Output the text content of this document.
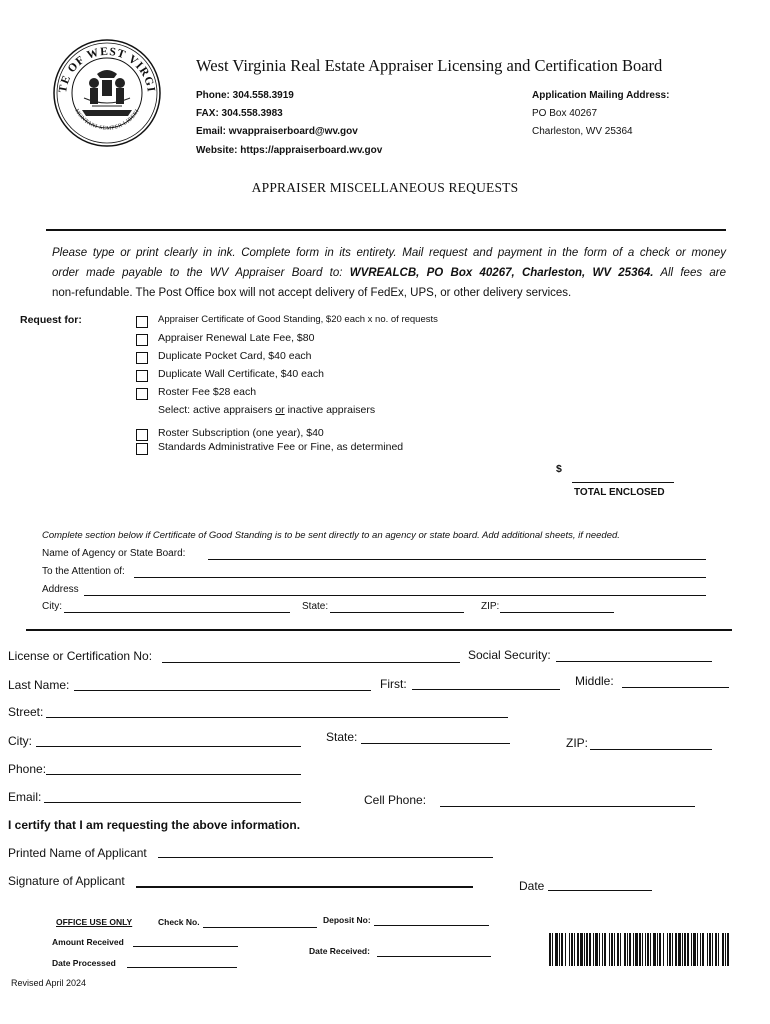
TE OF WEST VIRGI
MONTANI SEMPER LIBERI
West Virginia Real Estate Appraiser Licensing and Certification Board
Phone: 304.558.3919
FAX: 304.558.3983
Email: wvappraiserboard@wv.gov
Website: https://appraiserboard.wv.gov
Application Mailing Address:
PO Box 40267
Charleston, WV 25364
APPRAISER MISCELLANEOUS REQUESTS
Please type or print clearly in ink. Complete form in its entirety. Mail request and payment in the form of a check or money
order made payable to the WV Appraiser Board to: WVREALCB, PO Box 40267, Charleston, WV 25364. All fees are
non-refundable. The Post Office box will not accept delivery of FedEx, UPS, or other delivery services.
Request for:	Appraiser Certificate of Good Standing, $20 each x no. of requests
Appraiser Renewal Late Fee, $80
Duplicate Pocket Card, $40 each
Duplicate Wall Certificate, $40 each
Roster Fee $28 each
Select: active appraisers or inactive appraisers
Roster Subscription (one year), $40
Standards Administrative Fee or Fine, as determined
$
TOTAL ENCLOSED
Complete section below if Certificate of Good Standing is to be sent directly to an agency or state board. Add additional sheets, if needed.
Name of Agency or State Board:
To the Attention of:
Address
City:	State:	ZIP:
License or Certification No:	Social Security:
Last Name:	First:	Middle:
Street:
City:	State:	ZIP:
Phone:
Email:	Cell Phone:
I certify that I am requesting the above information.
Printed Name of Applicant
Signature of Applicant	Date
OFFICE USE ONLY	Check No.	Deposit No:
Amount Received
Date Received:
Date Processed
Revised April 2024
